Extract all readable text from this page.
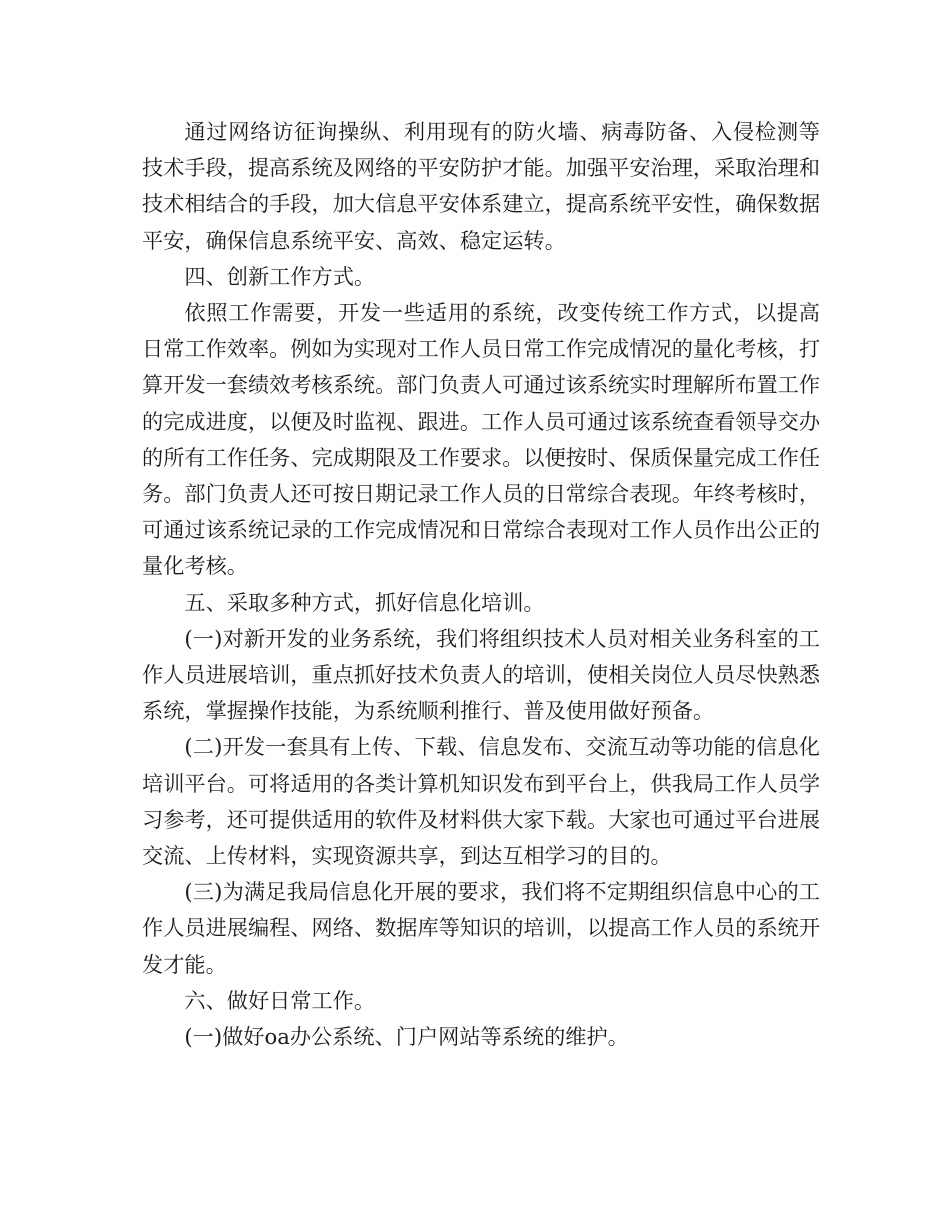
通过网络访征询操纵、利用现有的防火墙、病毒防备、入侵检测等技术手段，提高系统及网络的平安防护才能。加强平安治理，采取治理和技术相结合的手段，加大信息平安体系建立，提高系统平安性，确保数据平安，确保信息系统平安、高效、稳定运转。

四、创新工作方式。

依照工作需要，开发一些适用的系统，改变传统工作方式，以提高日常工作效率。例如为实现对工作人员日常工作完成情况的量化考核，打算开发一套绩效考核系统。部门负责人可通过该系统实时理解所布置工作的完成进度，以便及时监视、跟进。工作人员可通过该系统查看领导交办的所有工作任务、完成期限及工作要求。以便按时、保质保量完成工作任务。部门负责人还可按日期记录工作人员的日常综合表现。年终考核时，可通过该系统记录的工作完成情况和日常综合表现对工作人员作出公正的量化考核。

五、采取多种方式，抓好信息化培训。

(一)对新开发的业务系统，我们将组织技术人员对相关业务科室的工作人员进展培训，重点抓好技术负责人的培训，使相关岗位人员尽快熟悉系统，掌握操作技能，为系统顺利推行、普及使用做好预备。

(二)开发一套具有上传、下载、信息发布、交流互动等功能的信息化培训平台。可将适用的各类计算机知识发布到平台上，供我局工作人员学习参考，还可提供适用的软件及材料供大家下载。大家也可通过平台进展交流、上传材料，实现资源共享，到达互相学习的目的。

(三)为满足我局信息化开展的要求，我们将不定期组织信息中心的工作人员进展编程、网络、数据库等知识的培训，以提高工作人员的系统开发才能。

六、做好日常工作。

(一)做好oa办公系统、门户网站等系统的维护。
